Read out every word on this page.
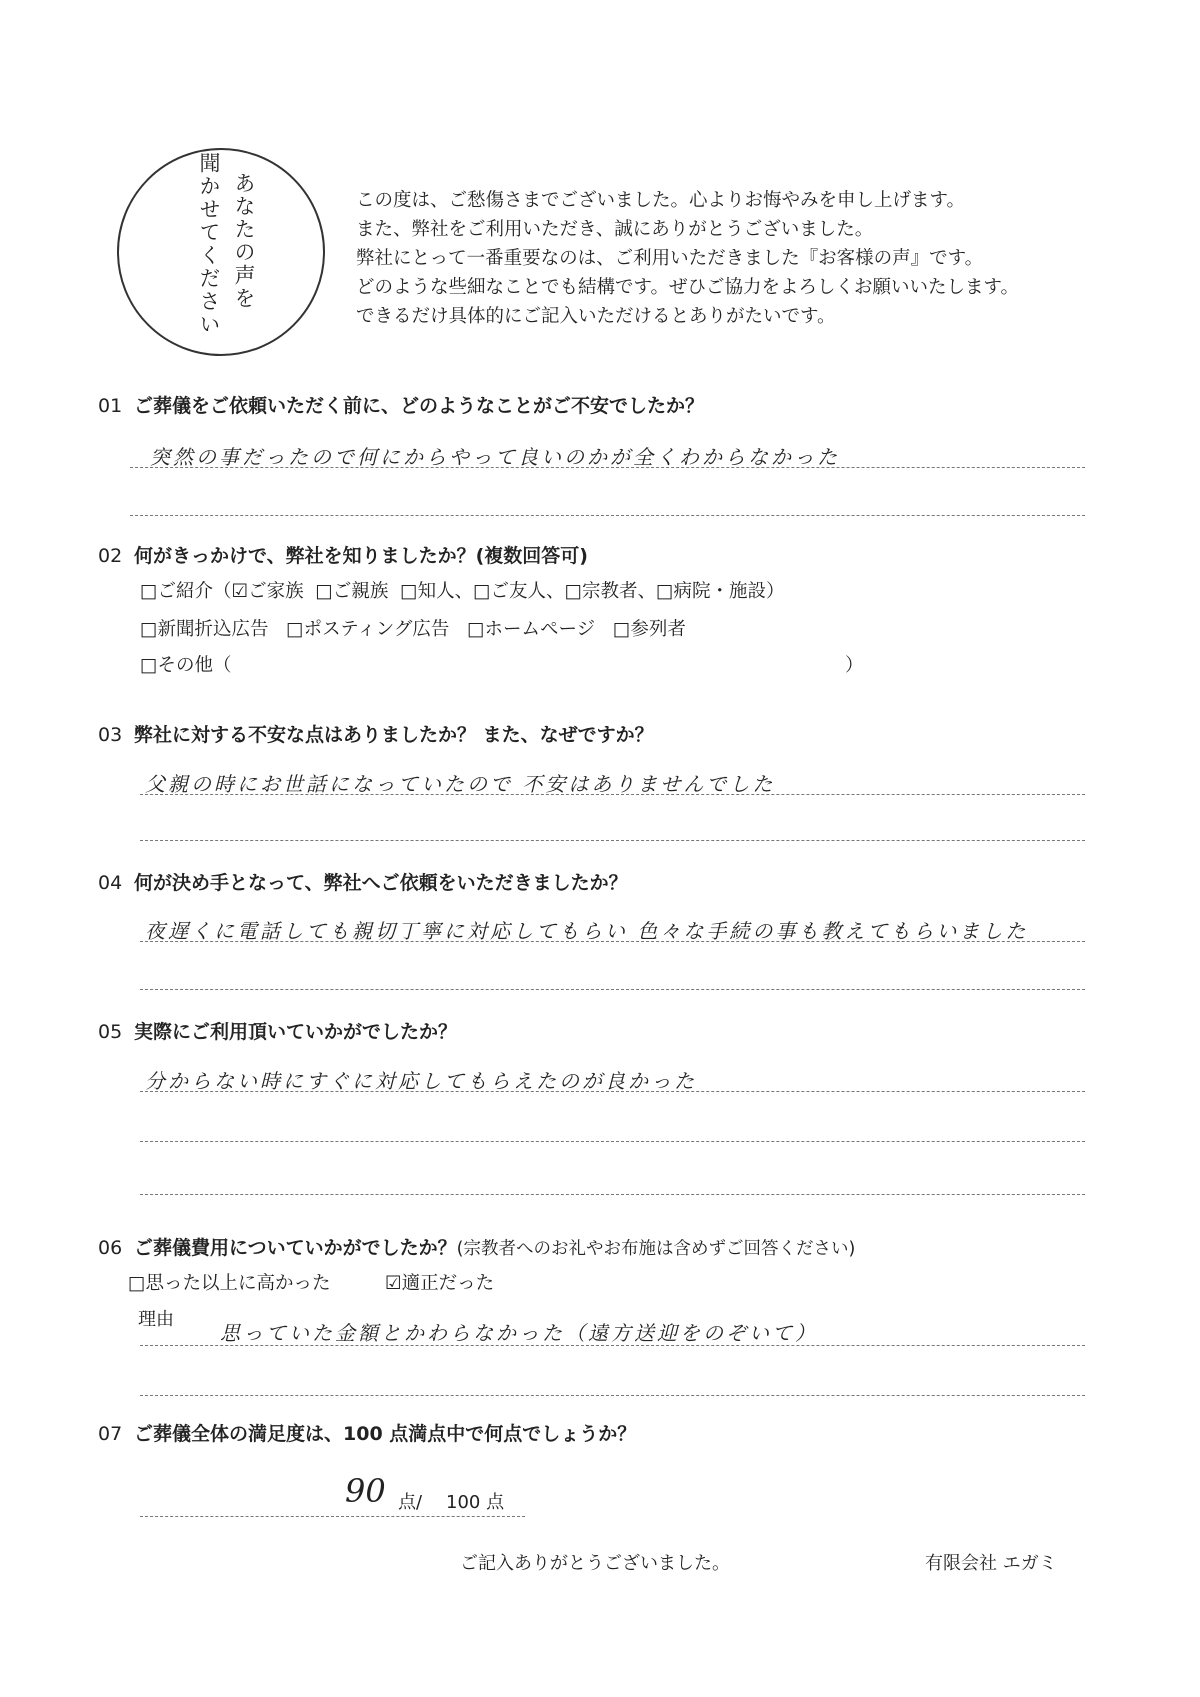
あなたの声を
聞かせてください	この度は、ご愁傷さまでございました。心よりお悔やみを申し上げます。

また、弊社をご利用いただき、誠にありがとうございました。

弊社にとって一番重要なのは、ご利用いただきました『お客様の声』です。

どのような些細なことでも結構です。ぜひご協力をよろしくお願いいたします。

できるだけ具体的にご記入いただけるとありがたいです。

01 ご葬儀をご依頼いただく前に、どのようなことがご不安でしたか？
突然の事だったので何にからやって良いのかが全くわからなかった
02 何がきっかけで、弊社を知りましたか？(複数回答可)
□ご紹介（☑ご家族 □ご親族 □知人、□ご友人、□宗教者、□病院・施設）
□新聞折込広告 □ポスティング広告 □ホームページ □参列者
□その他（	）
03 弊社に対する不安な点はありましたか？ また、なぜですか？
父親の時にお世話になっていたので 不安はありませんでした
04 何が決め手となって、弊社へご依頼をいただきましたか？
夜遅くに電話しても親切丁寧に対応してもらい 色々な手続の事も教えてもらいました
05 実際にご利用頂いていかがでしたか？
分からない時にすぐに対応してもらえたのが良かった
06 ご葬儀費用についていかがでしたか？(宗教者へのお礼やお布施は含めずご回答ください)
□思った以上に高かった	☑適正だった
理由
思っていた金額とかわらなかった（遠方送迎をのぞいて）
07 ご葬儀全体の満足度は、100 点満点中で何点でしょうか？
90 点/ 100 点
ご記入ありがとうございました。	有限会社 エガミ
